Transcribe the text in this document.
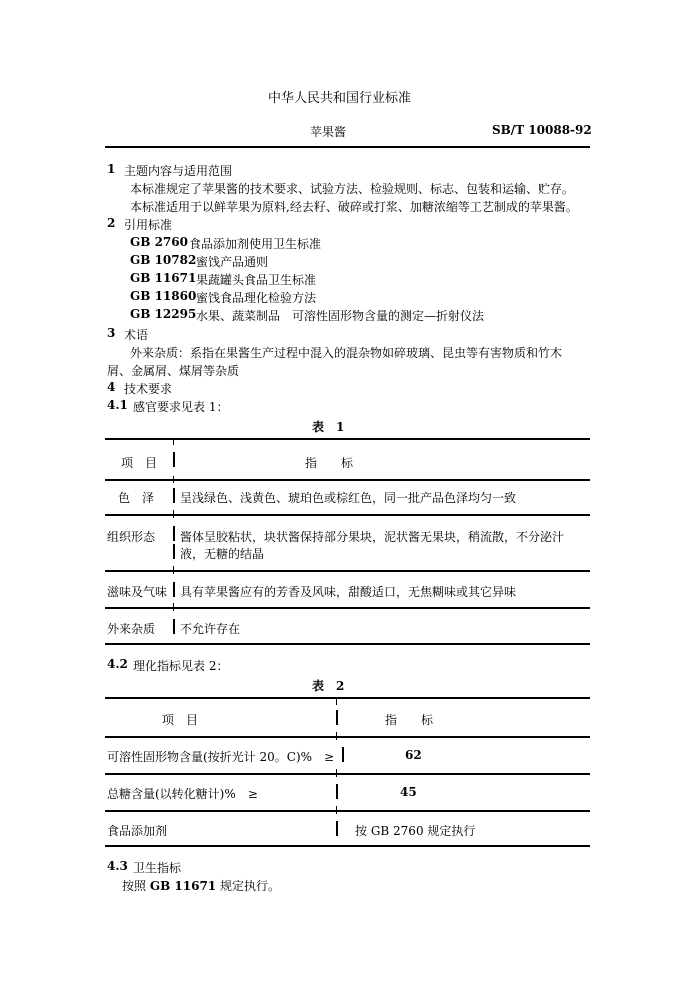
中华人民共和国行业标准
苹果酱	SB/T 10088-92
1 主题内容与适用范围
本标准规定了苹果酱的技术要求、试验方法、检验规则、标志、包装和运输、贮存。
本标准适用于以鲜苹果为原料,经去籽、破碎或打浆、加糖浓缩等工艺制成的苹果酱。
2 引用标准
GB 2760 食品添加剂使用卫生标准
GB 10782 蜜饯产品通则
GB 11671 果蔬罐头食品卫生标准
GB 11860 蜜饯食品理化检验方法
GB 12295 水果、蔬菜制品　可溶性固形物含量的测定—折射仪法
3 术语
外来杂质：系指在果酱生产过程中混入的混杂物如碎玻璃、昆虫等有害物质和竹木
屑、金属屑、煤屑等杂质
4 技术要求
4.1 感官要求见表 1：
表　1
项　目	指　　标
色　泽 呈浅绿色、浅黄色、琥珀色或棕红色，同一批产品色泽均匀一致
组织形态 酱体呈胶粘状，块状酱保持部分果块，泥状酱无果块，稍流散，不分泌汁
液，无糖的结晶
滋味及气味 具有苹果酱应有的芳香及风味，甜酸适口，无焦糊味或其它异味
外来杂质 不允许存在
4.2 理化指标见表 2：
表　2
项　目	指　　标
可溶性固形物含量(按折光计 20。C)%　≥	62
总糖含量(以转化糖计)%　≥	45
食品添加剂	按 GB 2760 规定执行
4.3 卫生指标
按照 GB 11671 规定执行。
